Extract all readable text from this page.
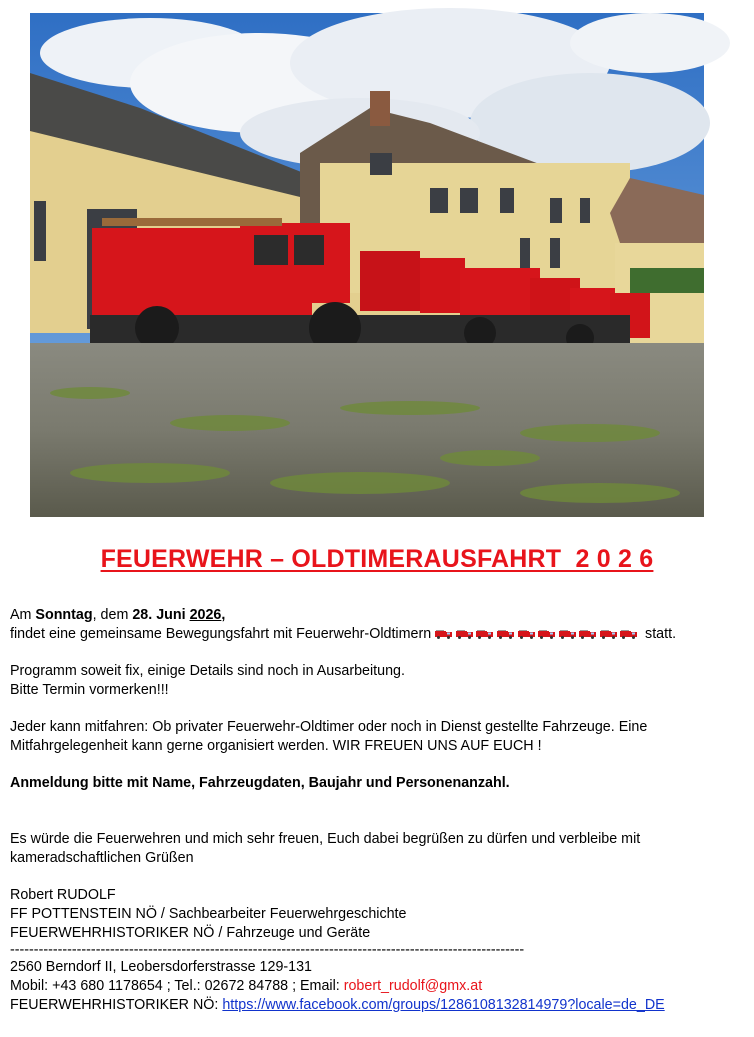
FEUERWEHR – OLDTIMERAUSFAHRT  2 0 2 6

Am Sonntag, dem 28. Juni 2026,

findet eine gemeinsame Bewegungsfahrt mit Feuerwehr-Oldtimern	statt.

Programm soweit fix, einige Details sind noch in Ausarbeitung.

Bitte Termin vormerken!!!

Jeder kann mitfahren: Ob privater Feuerwehr-Oldtimer oder noch in Dienst gestellte Fahrzeuge. Eine Mitfahrgelegenheit kann gerne organisiert werden. WIR FREUEN UNS AUF EUCH !

Anmeldung bitte mit Name, Fahrzeugdaten, Baujahr und Personenanzahl.

Es würde die Feuerwehren und mich sehr freuen, Euch dabei begrüßen zu dürfen und verbleibe mit kameradschaftlichen Grüßen

Robert RUDOLF

FF POTTENSTEIN NÖ / Sachbearbeiter Feuerwehrgeschichte

FEUERWEHRHISTORIKER NÖ / Fahrzeuge und Geräte

------------------------------------------------------------------------------------------------------------

2560 Berndorf II, Leobersdorferstrasse 129-131

Mobil: +43 680 1178654 ; Tel.: 02672 84788 ; Email: robert_rudolf@gmx.at

FEUERWEHRHISTORIKER NÖ: https://www.facebook.com/groups/1286108132814979?locale=de_DE
